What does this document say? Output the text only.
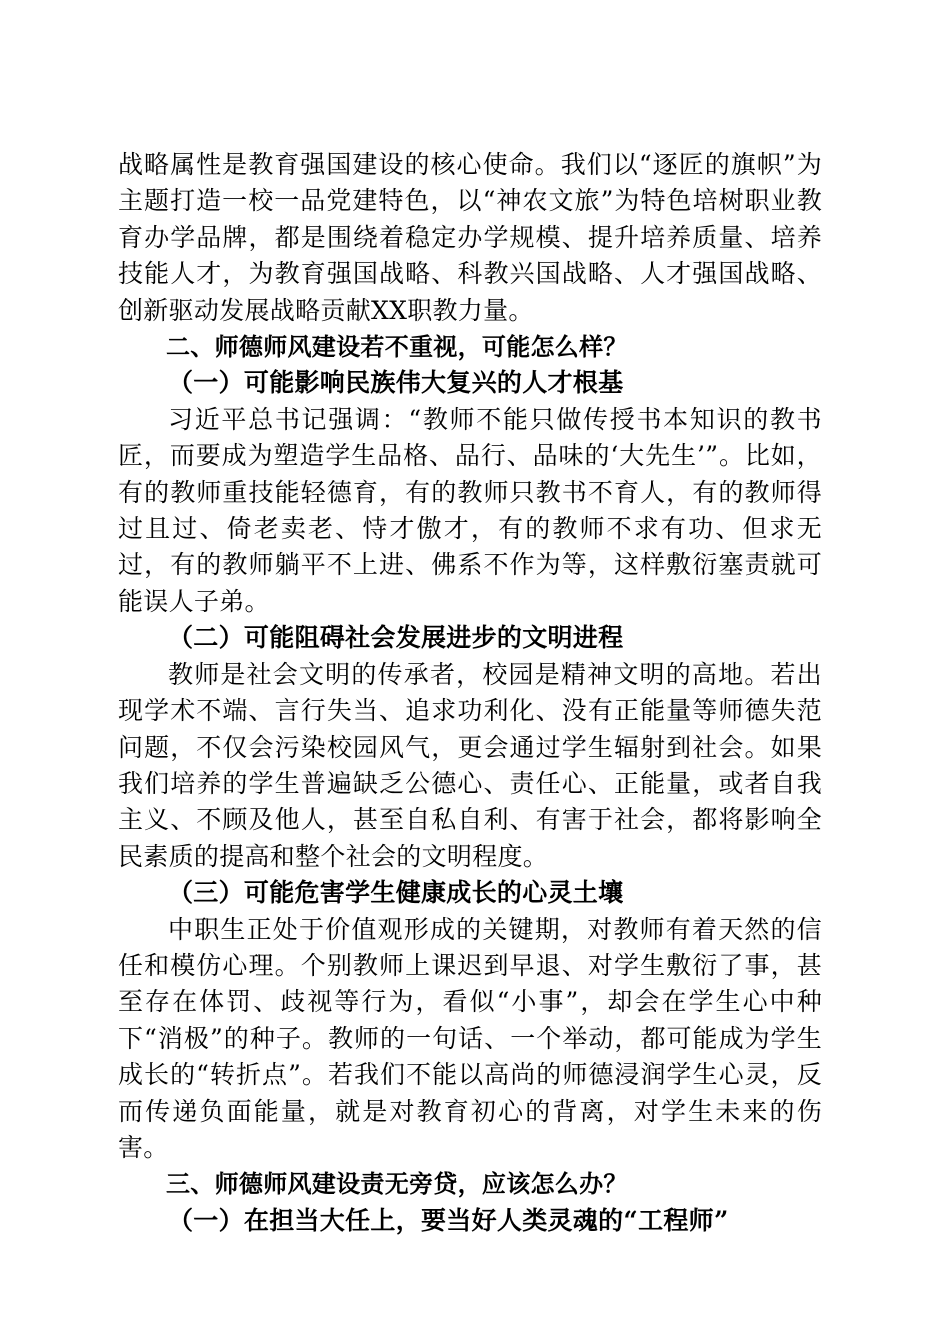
战略属性是教育强国建设的核心使命。我们以“逐匠的旗帜”为主题打造一校一品党建特色，以“神农文旅”为特色培树职业教育办学品牌，都是围绕着稳定办学规模、提升培养质量、培养技能人才，为教育强国战略、科教兴国战略、人才强国战略、创新驱动发展战略贡献XX职教力量。

二、师德师风建设若不重视，可能怎么样？

（一）可能影响民族伟大复兴的人才根基

习近平总书记强调：“教师不能只做传授书本知识的教书匠，而要成为塑造学生品格、品行、品味的‘大先生’”。比如，有的教师重技能轻德育，有的教师只教书不育人，有的教师得过且过、倚老卖老、恃才傲才，有的教师不求有功、但求无过，有的教师躺平不上进、佛系不作为等，这样敷衍塞责就可能误人子弟。

（二）可能阻碍社会发展进步的文明进程

教师是社会文明的传承者，校园是精神文明的高地。若出现学术不端、言行失当、追求功利化、没有正能量等师德失范问题，不仅会污染校园风气，更会通过学生辐射到社会。如果我们培养的学生普遍缺乏公德心、责任心、正能量，或者自我主义、不顾及他人，甚至自私自利、有害于社会，都将影响全民素质的提高和整个社会的文明程度。

（三）可能危害学生健康成长的心灵土壤

中职生正处于价值观形成的关键期，对教师有着天然的信任和模仿心理。个别教师上课迟到早退、对学生敷衍了事，甚至存在体罚、歧视等行为，看似“小事”，却会在学生心中种下“消极”的种子。教师的一句话、一个举动，都可能成为学生成长的“转折点”。若我们不能以高尚的师德浸润学生心灵，反而传递负面能量，就是对教育初心的背离，对学生未来的伤害。

三、师德师风建设责无旁贷，应该怎么办？

（一）在担当大任上，要当好人类灵魂的“工程师”
